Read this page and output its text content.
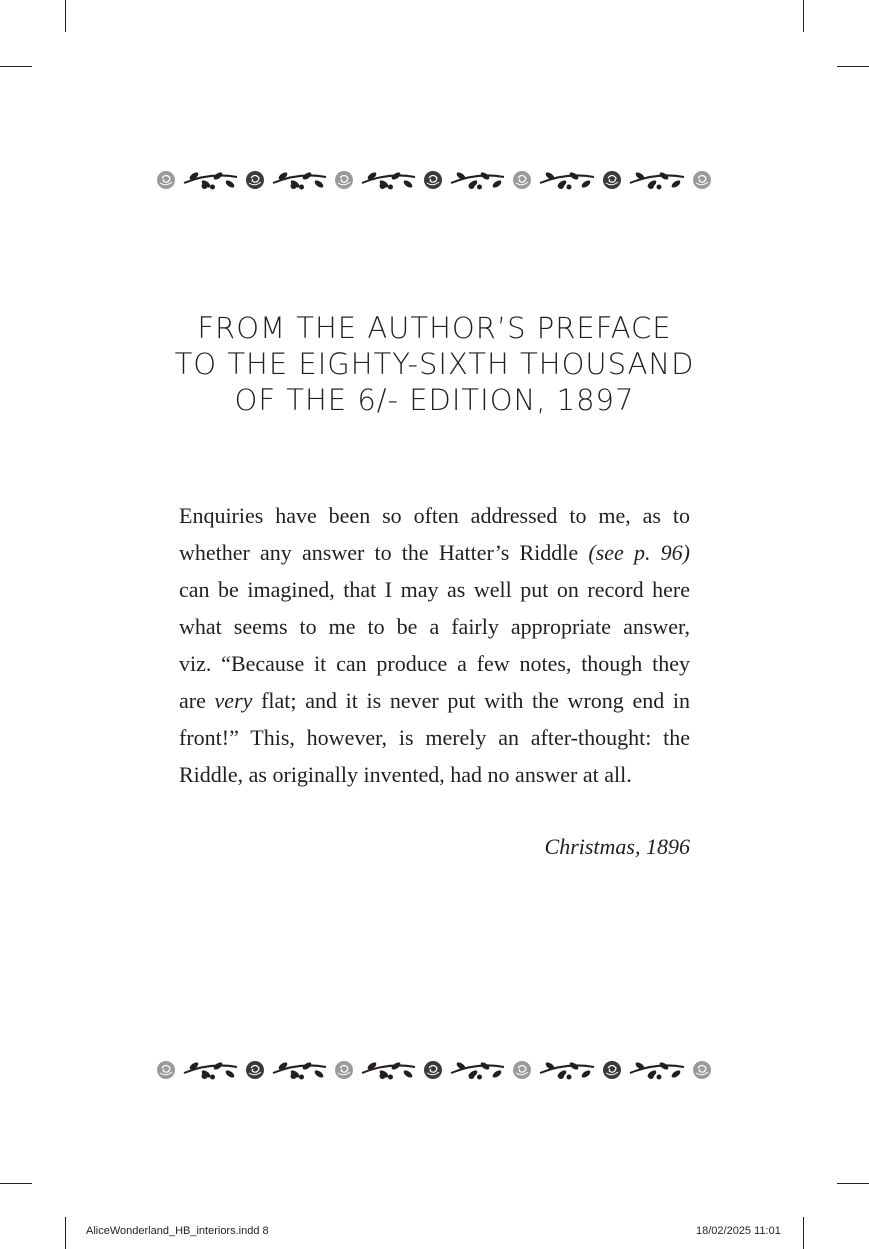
FROM THE AUTHOR’S PREFACE
TO THE EIGHTY-SIXTH THOUSAND
OF THE 6/- EDITION, 1897
Enquiries have been so often addressed to me, as to
whether any answer to the Hatter’s Riddle (see p. 96)
can be imagined, that I may as well put on record here
what seems to me to be a fairly appropriate answer,
viz. “Because it can produce a few notes, though they
are very flat; and it is never put with the wrong end in
front!” This, however, is merely an after-thought: the
Riddle, as originally invented, had no answer at all.
Christmas, 1896
AliceWonderland_HB_interiors.indd 8	18/02/2025 11:01
